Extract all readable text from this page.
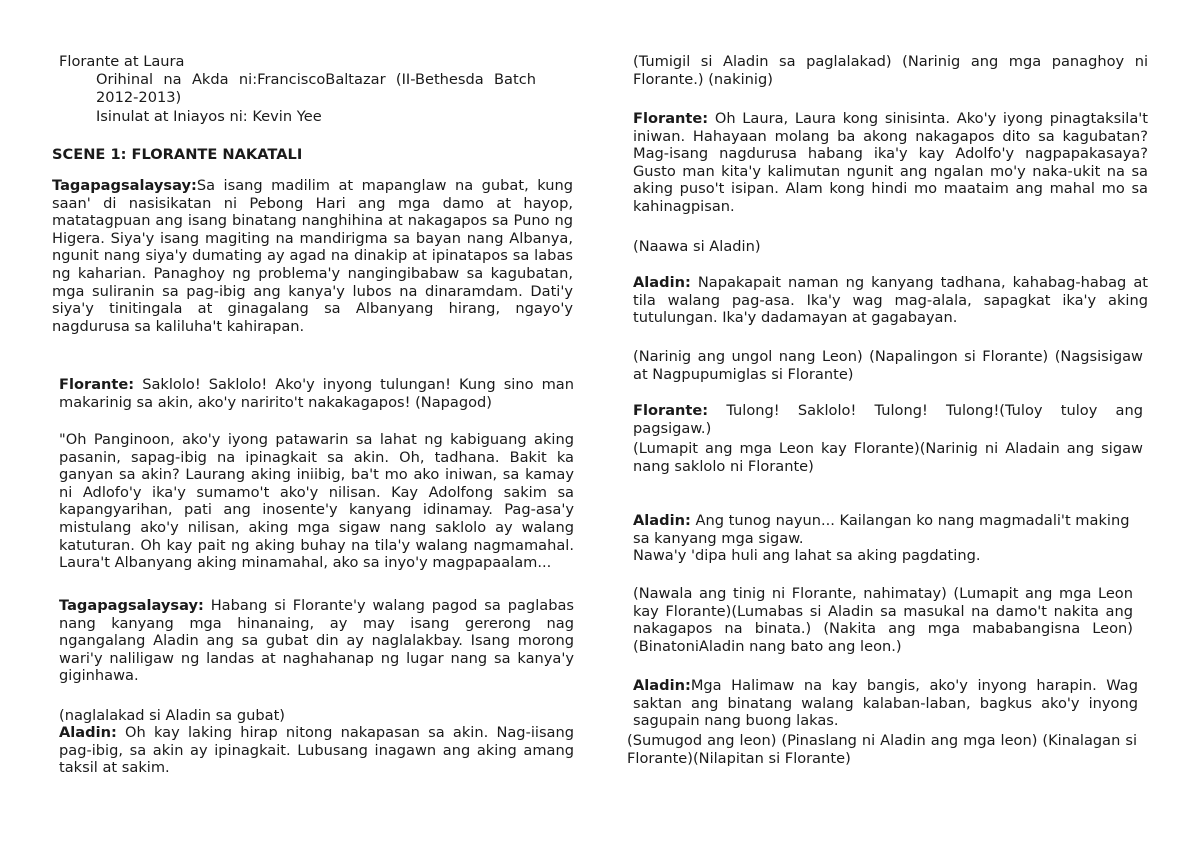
Florante at Laura

Orihinal na Akda ni:FranciscoBaltazar (II-Bethesda Batch 2012-2013)

Isinulat at Iniayos ni: Kevin Yee

SCENE 1: FLORANTE NAKATALI

Tagapagsalaysay:Sa isang madilim at mapanglaw na gubat, kung saan' di nasisikatan ni Pebong Hari ang mga damo at hayop, matatagpuan ang isang binatang nanghihina at nakagapos sa Puno ng Higera. Siya'y isang magiting na mandirigma sa bayan nang Albanya, ngunit nang siya'y dumating ay agad na dinakip at ipinatapos sa labas ng kaharian. Panaghoy ng problema'y nangingibabaw sa kagubatan, mga suliranin sa pag-ibig ang kanya'y lubos na dinaramdam. Dati'y siya'y tinitingala at ginagalang sa Albanyang hirang, ngayo'y nagdurusa sa kaliluha't kahirapan.

Florante: Saklolo! Saklolo! Ako'y inyong tulungan! Kung sino man makarinig sa akin, ako'y naririto't nakakagapos! (Napagod)

"Oh Panginoon, ako'y iyong patawarin sa lahat ng kabiguang aking pasanin, sapag-ibig na ipinagkait sa akin. Oh, tadhana. Bakit ka ganyan sa akin? Laurang aking iniibig, ba't mo ako iniwan, sa kamay ni Adlofo'y ika'y sumamo't ako'y nilisan. Kay Adolfong sakim sa kapangyarihan, pati ang inosente'y kanyang idinamay. Pag-asa'y mistulang ako'y nilisan, aking mga sigaw nang saklolo ay walang katuturan. Oh kay pait ng aking buhay na tila'y walang nagmamahal. Laura't Albanyang aking minamahal, ako sa inyo'y magpapaalam...

Tagapagsalaysay: Habang si Florante'y walang pagod sa paglabas nang kanyang mga hinanaing, ay may isang gererong nag ngangalang Aladin ang sa gubat din ay naglalakbay. Isang morong wari'y naliligaw ng landas at naghahanap ng lugar nang sa kanya'y giginhawa.

(naglalakad si Aladin sa gubat)

Aladin: Oh kay laking hirap nitong nakapasan sa akin. Nag-iisang pag-ibig, sa akin ay ipinagkait. Lubusang inagawn ang aking amang taksil at sakim.

(Tumigil si Aladin sa paglalakad) (Narinig ang mga panaghoy ni Florante.) (nakinig)

Florante: Oh Laura, Laura kong sinisinta. Ako'y iyong pinagtaksila't iniwan. Hahayaan molang ba akong nakagapos dito sa kagubatan? Mag-isang nagdurusa habang ika'y kay Adolfo'y nagpapakasaya? Gusto man kita'y kalimutan ngunit ang ngalan mo'y naka-ukit na sa aking puso't isipan. Alam kong hindi mo maataim ang mahal mo sa kahinagpisan.

(Naawa si Aladin)

Aladin: Napakapait naman ng kanyang tadhana, kahabag-habag at tila walang pag-asa. Ika'y wag mag-alala, sapagkat ika'y aking tutulungan. Ika'y dadamayan at gagabayan.

(Narinig ang ungol nang Leon) (Napalingon si Florante) (Nagsisigaw at Nagpupumiglas si Florante)

Florante: Tulong! Saklolo! Tulong! Tulong!(Tuloy tuloy ang pagsigaw.)

(Lumapit ang mga Leon kay Florante)(Narinig ni Aladain ang sigaw nang saklolo ni Florante)

Aladin: Ang tunog nayun... Kailangan ko nang magmadali't making sa kanyang mga sigaw.
Nawa'y 'dipa huli ang lahat sa aking pagdating.

(Nawala ang tinig ni Florante, nahimatay) (Lumapit ang mga Leon kay Florante)(Lumabas si Aladin sa masukal na damo't nakita ang nakagapos na binata.) (Nakita ang mga mababangisna Leon)(BinatoniAladin nang bato ang leon.)

Aladin:Mga Halimaw na kay bangis, ako'y inyong harapin. Wag saktan ang binatang walang kalaban-laban, bagkus ako'y inyong sagupain nang buong lakas.

(Sumugod ang leon) (Pinaslang ni Aladin ang mga leon) (Kinalagan si Florante)(Nilapitan si Florante)
